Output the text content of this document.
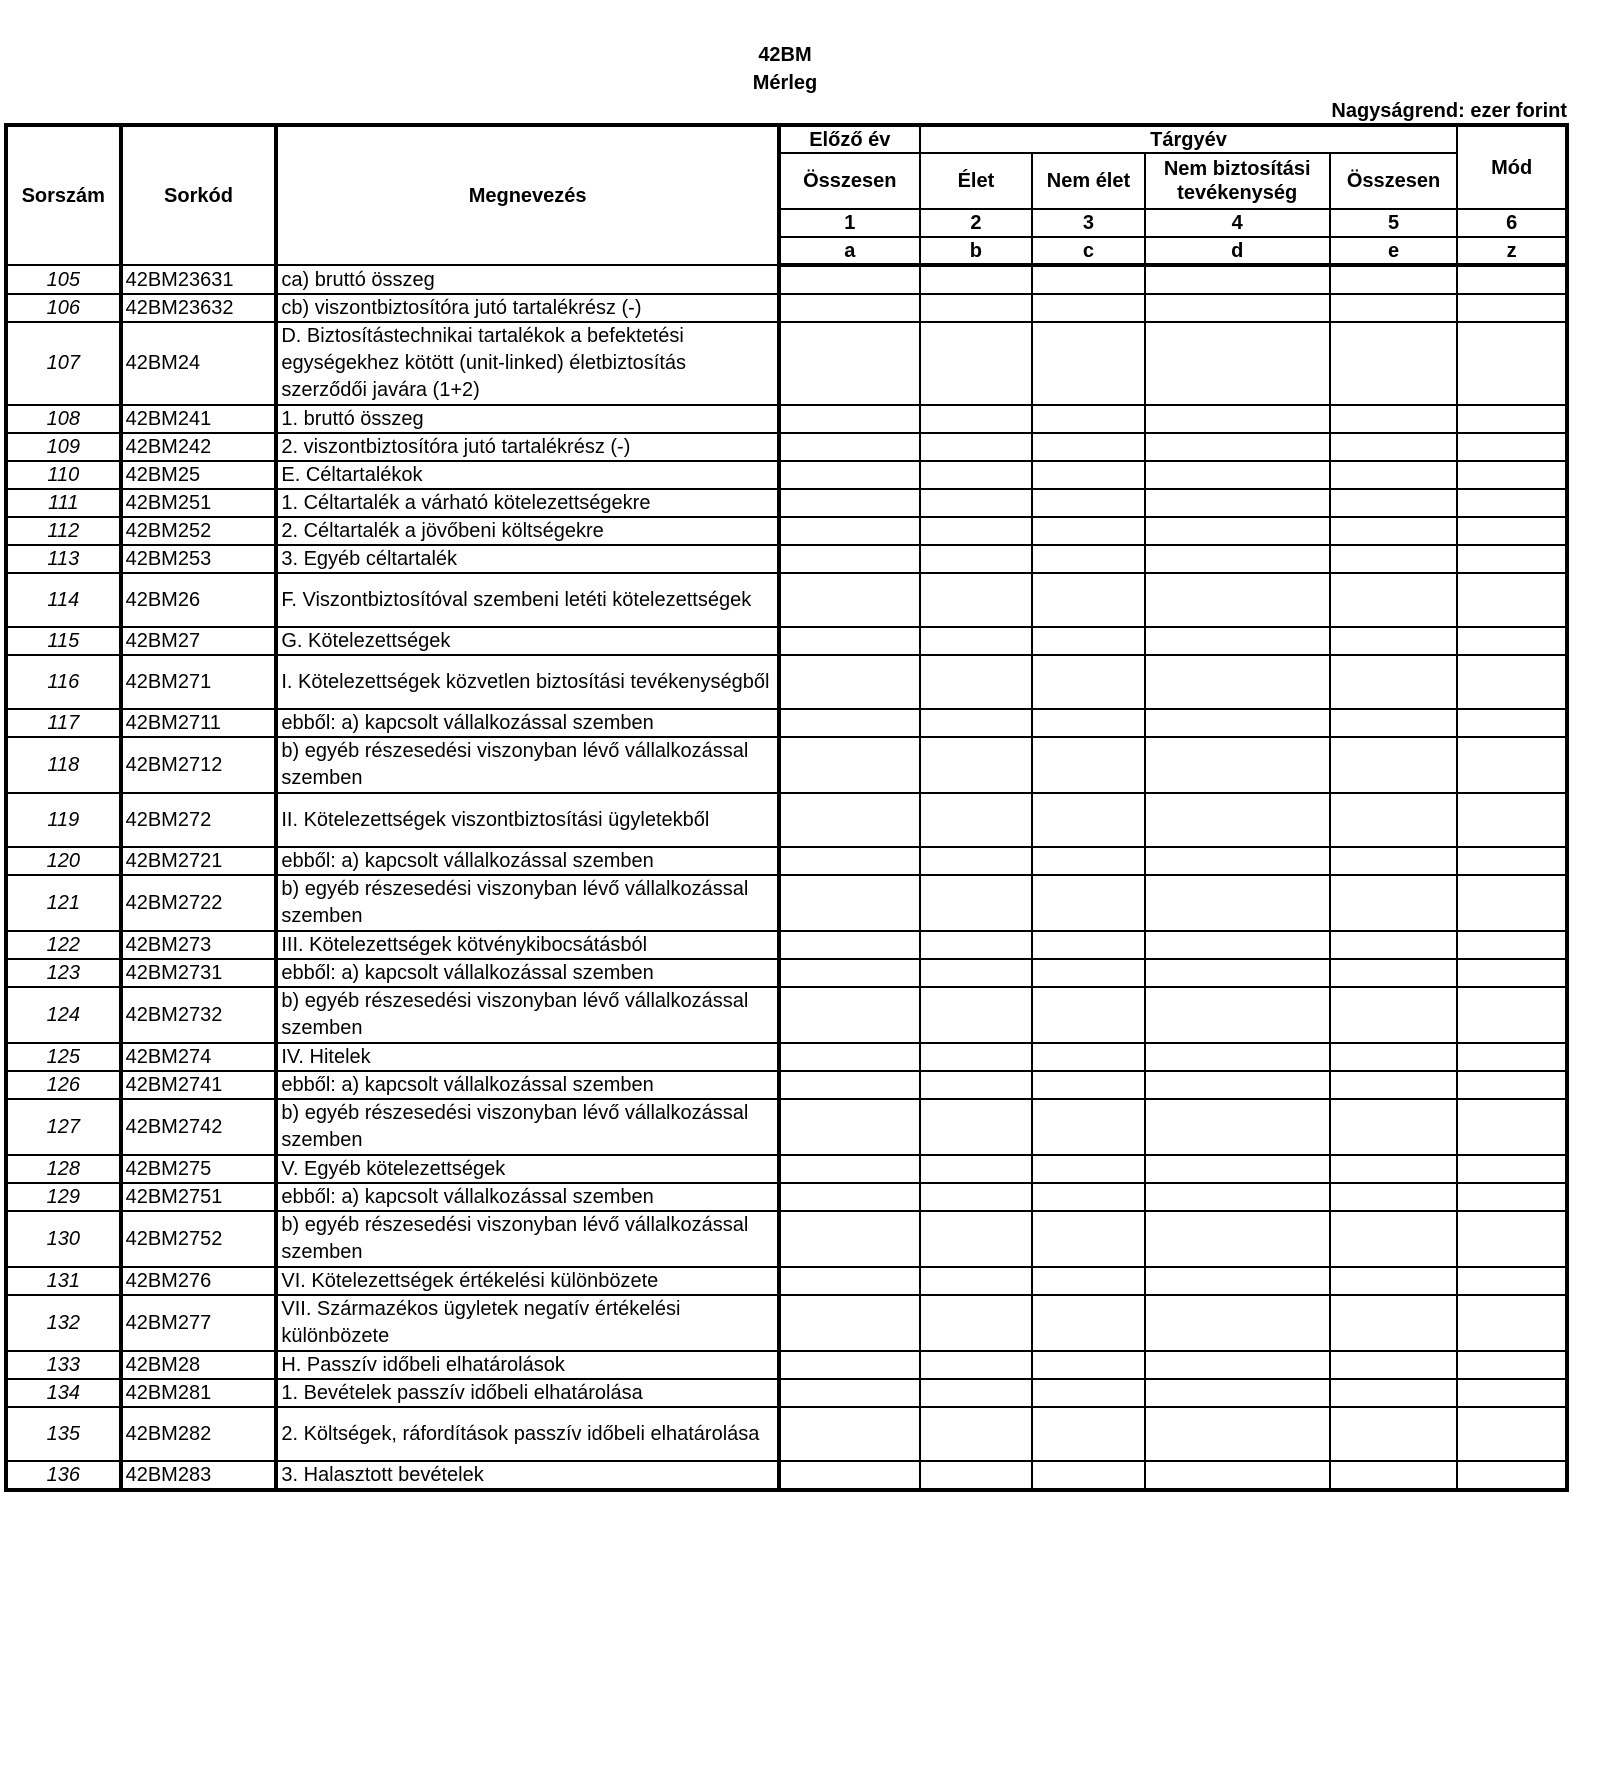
42BM
Mérleg
Nagyságrend: ezer forint
Sorszám	Sorkód	Megnevezés	Előző év	Tárgyév				Mód
			Összesen	Élet	Nem élet	Nem biztosítási tevékenység	Összesen	
			1	2	3	4	5	6
			a	b	c	d	e	z
105	42BM23631	ca) bruttó összeg						
106	42BM23632	cb) viszontbiztosítóra jutó tartalékrész (-)						
107	42BM24	D. Biztosítástechnikai tartalékok a befektetési egységekhez kötött (unit-linked) életbiztosítás szerződői javára (1+2)						
108	42BM241	1. bruttó összeg						
109	42BM242	2. viszontbiztosítóra jutó tartalékrész (-)						
110	42BM25	E. Céltartalékok						
111	42BM251	1. Céltartalék a várható kötelezettségekre						
112	42BM252	2. Céltartalék a jövőbeni költségekre						
113	42BM253	3. Egyéb céltartalék						
114	42BM26	F. Viszontbiztosítóval szembeni letéti kötelezettségek						
115	42BM27	G. Kötelezettségek						
116	42BM271	I. Kötelezettségek közvetlen biztosítási tevékenységből						
117	42BM2711	ebből: a) kapcsolt vállalkozással szemben						
118	42BM2712	b) egyéb részesedési viszonyban lévő vállalkozással szemben						
119	42BM272	II. Kötelezettségek viszontbiztosítási ügyletekből						
120	42BM2721	ebből: a) kapcsolt vállalkozással szemben						
121	42BM2722	b) egyéb részesedési viszonyban lévő vállalkozással szemben						
122	42BM273	III. Kötelezettségek kötvénykibocsátásból						
123	42BM2731	ebből: a) kapcsolt vállalkozással szemben						
124	42BM2732	b) egyéb részesedési viszonyban lévő vállalkozással szemben						
125	42BM274	IV. Hitelek						
126	42BM2741	ebből: a) kapcsolt vállalkozással szemben						
127	42BM2742	b) egyéb részesedési viszonyban lévő vállalkozással szemben						
128	42BM275	V. Egyéb kötelezettségek						
129	42BM2751	ebből: a) kapcsolt vállalkozással szemben						
130	42BM2752	b) egyéb részesedési viszonyban lévő vállalkozással szemben						
131	42BM276	VI. Kötelezettségek értékelési különbözete						
132	42BM277	VII. Származékos ügyletek negatív értékelési különbözete						
133	42BM28	H. Passzív időbeli elhatárolások						
134	42BM281	1. Bevételek passzív időbeli elhatárolása						
135	42BM282	2. Költségek, ráfordítások passzív időbeli elhatárolása						
136	42BM283	3. Halasztott bevételek						
